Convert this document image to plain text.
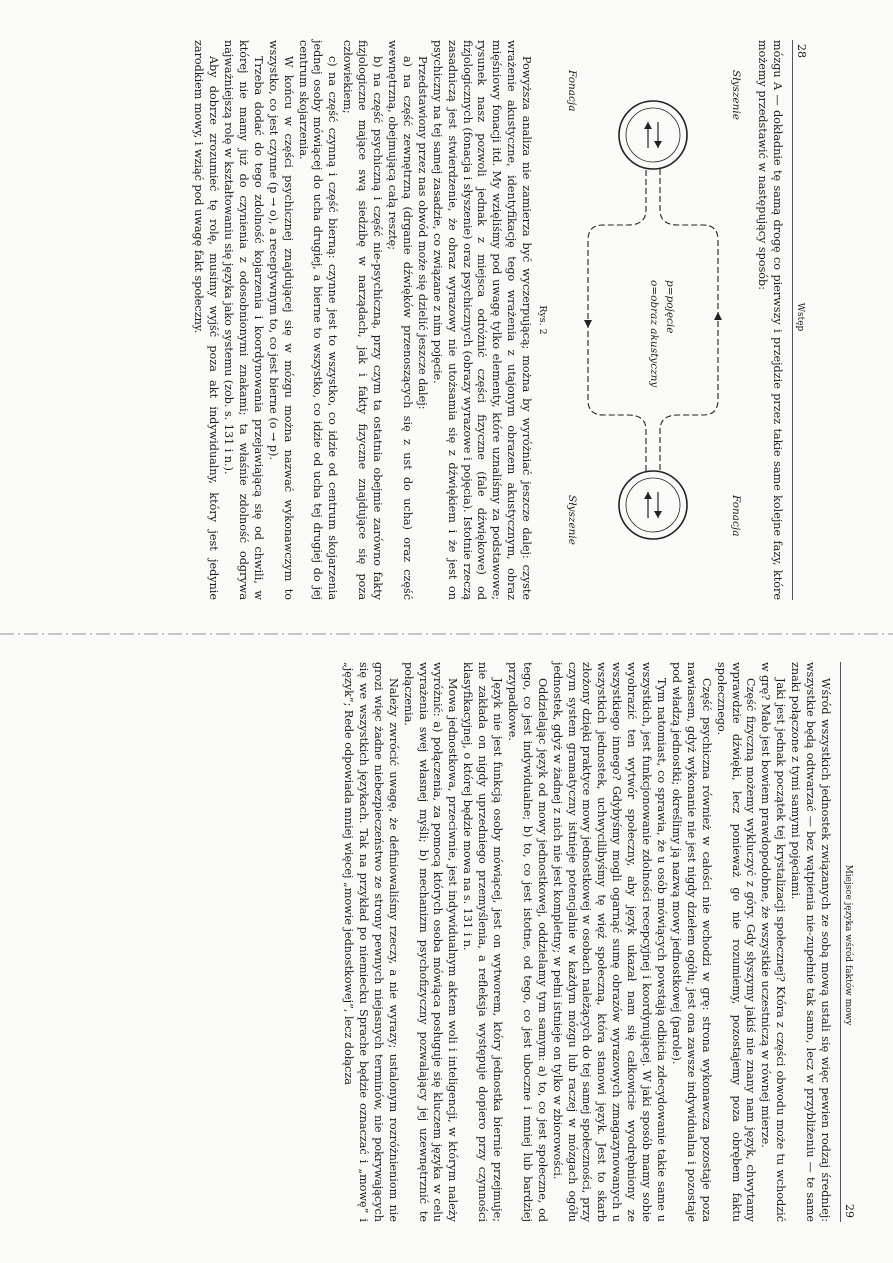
28
Wstęp

mózgu A — dokładnie tę samą drogę co pierwszy i przejdzie przez takie same kolejne fazy, które możemy przedstawić w następujący sposób:

Słyszenie
Fonacja
Fonacja
Słyszenie
p=pojęcie
o=obraz akustyczny
Rys. 2

Powyższa analiza nie zamierza być wyczerpującą; można by wyróżniać jeszcze dalej: czyste wrażenie akustyczne, identyfikację tego wrażenia z utajonym obrazem akustycznym, obraz mięśniowy fonacji itd. My wzięliśmy pod uwagę tylko elementy, które uznaliśmy za podstawowe; rysunek nasz pozwoli jednak z miejsca odróżnić części fizyczne (fale dźwiękowe) od fizjologicznych (fonacja i słyszenie) oraz psychicznych (obrazy wyrazowe i pojęcia). Istotnie rzeczą zasadniczą jest stwierdzenie, że obraz wyrazowy nie utożsamia się z dźwiękiem i że jest on psychiczny na tej samej zasadzie, co związane z nim pojęcie.

Przedstawiony przez nas obwód może się dzielić jeszcze dalej:

a) na część zewnętrzną (drganie dźwięków przenoszących się z ust do ucha) oraz część wewnętrzną, obejmującą całą resztę;

b) na część psychiczną i część nie-psychiczną, przy czym ta ostatnia obejmie zarówno fakty fizjologiczne mające swą siedzibę w narządach, jak i fakty fizyczne znajdujące się poza człowiekiem;

c) na część czynną i część bierną: czynne jest to wszystko, co idzie od centrum skojarzenia jednej osoby mówiącej do ucha drugiej, a bierne to wszystko, co idzie od ucha tej drugiej do jej centrum skojarzenia.

W końcu w części psychicznej znajdującej się w mózgu można nazwać wykonawczym to wszystko, co jest czynne (p → o), a receptywnym to, co jest bierne (o → p).

Trzeba dodać do tego zdolność kojarzenia i koordynowania przejawiającą się od chwili, w której nie mamy już do czynienia z odosobnionymi znakami; ta właśnie zdolność odgrywa najważniejszą rolę w kształtowaniu się języka jako systemu (zob. s. 131 i n.).

Aby dobrze zrozumieć tę rolę, musimy wyjść poza akt indywidualny, który jest jedynie zarodkiem mowy, i wziąć pod uwagę fakt społeczny.

Miejsce języka wśród faktów mowy
29

Wśród wszystkich jednostek związanych ze sobą mową ustali się więc pewien rodzaj średniej: wszystkie będą odtwarzać — bez wątpienia nie-zupełnie tak samo, lecz w przybliżeniu — te same znaki połączone z tymi samymi pojęciami.

Jaki jest jednak początek tej krystalizacji społecznej? Która z części obwodu może tu wchodzić w grę? Mało jest bowiem prawdopodobne, że wszystkie uczestniczą w równej mierze.

Część fizyczną możemy wykluczyć z góry. Gdy słyszymy jakiś nie znany nam język, chwytamy wprawdzie dźwięki, lecz ponieważ go nie rozumiemy, pozostajemy poza obrębem faktu społecznego.

Część psychiczna również w całości nie wchodzi w grę: strona wykonawcza pozostaje poza nawiasem, gdyż wykonanie nie jest nigdy dziełem ogółu; jest ona zawsze indywidualna i pozostaje pod władzą jednostki; określimy ją nazwą mowy jednostkowej (parole).

Tym natomiast, co sprawia, że u osób mówiących powstają odbicia zdecydowanie takie same u wszystkich, jest funkcjonowanie zdolności recepcyjnej i koordynującej. W jaki sposób mamy sobie wyobrazić ten wytwór społeczny, aby język ukazał nam się całkowicie wyodrębniony ze wszystkiego innego? Gdybyśmy mogli ogarnąć sumę obrazów wyrazowych zmagazynowanych u wszystkich jednostek, uchwycilibyśmy tę więź społeczną, która stanowi język. Jest to skarb złożony dzięki praktyce mowy jednostkowej w osobach należących do tej samej społeczności, przy czym system gramatyczny istnieje potencjalnie w każdym mózgu lub raczej w mózgach ogółu jednostek, gdyż w żadnej z nich nie jest kompletny; w pełni istnieje on tylko w zbiorowości.

Oddzielając język od mowy jednostkowej, oddzielamy tym samym: a) to, co jest społeczne, od tego, co jest indywidualne; b) to, co jest istotne, od tego, co jest uboczne i mniej lub bardziej przypadkowe.

Język nie jest funkcją osoby mówiącej, jest on wytworem, który jednostka biernie przejmuje; nie zakłada on nigdy uprzedniego przemyślenia, a refleksja występuje dopiero przy czynności klasyfikacyjnej, o której będzie mowa na s. 131 i n.

Mowa jednostkowa, przeciwnie, jest indywidualnym aktem woli i inteligencji, w którym należy wyróżnić: a) połączenia, za pomocą których osoba mówiąca posługuje się kluczem języka w celu wyrażenia swej własnej myśli; b) mechanizm psychofizyczny pozwalający jej uzewnętrznić te połączenia.

Należy zwrócić uwagę, że definiowaliśmy rzeczy, a nie wyrazy; ustalonym rozróżnieniom nie grozi więc żadne niebezpieczeństwo ze strony pewnych niejasnych terminów, nie pokrywających się we wszystkich językach. Tak na przykład po niemiecku Sprache będzie oznaczać i „mowę” i „język”; Rede odpowiada mniej więcej „mowie jednostkowej”, lecz dołącza
